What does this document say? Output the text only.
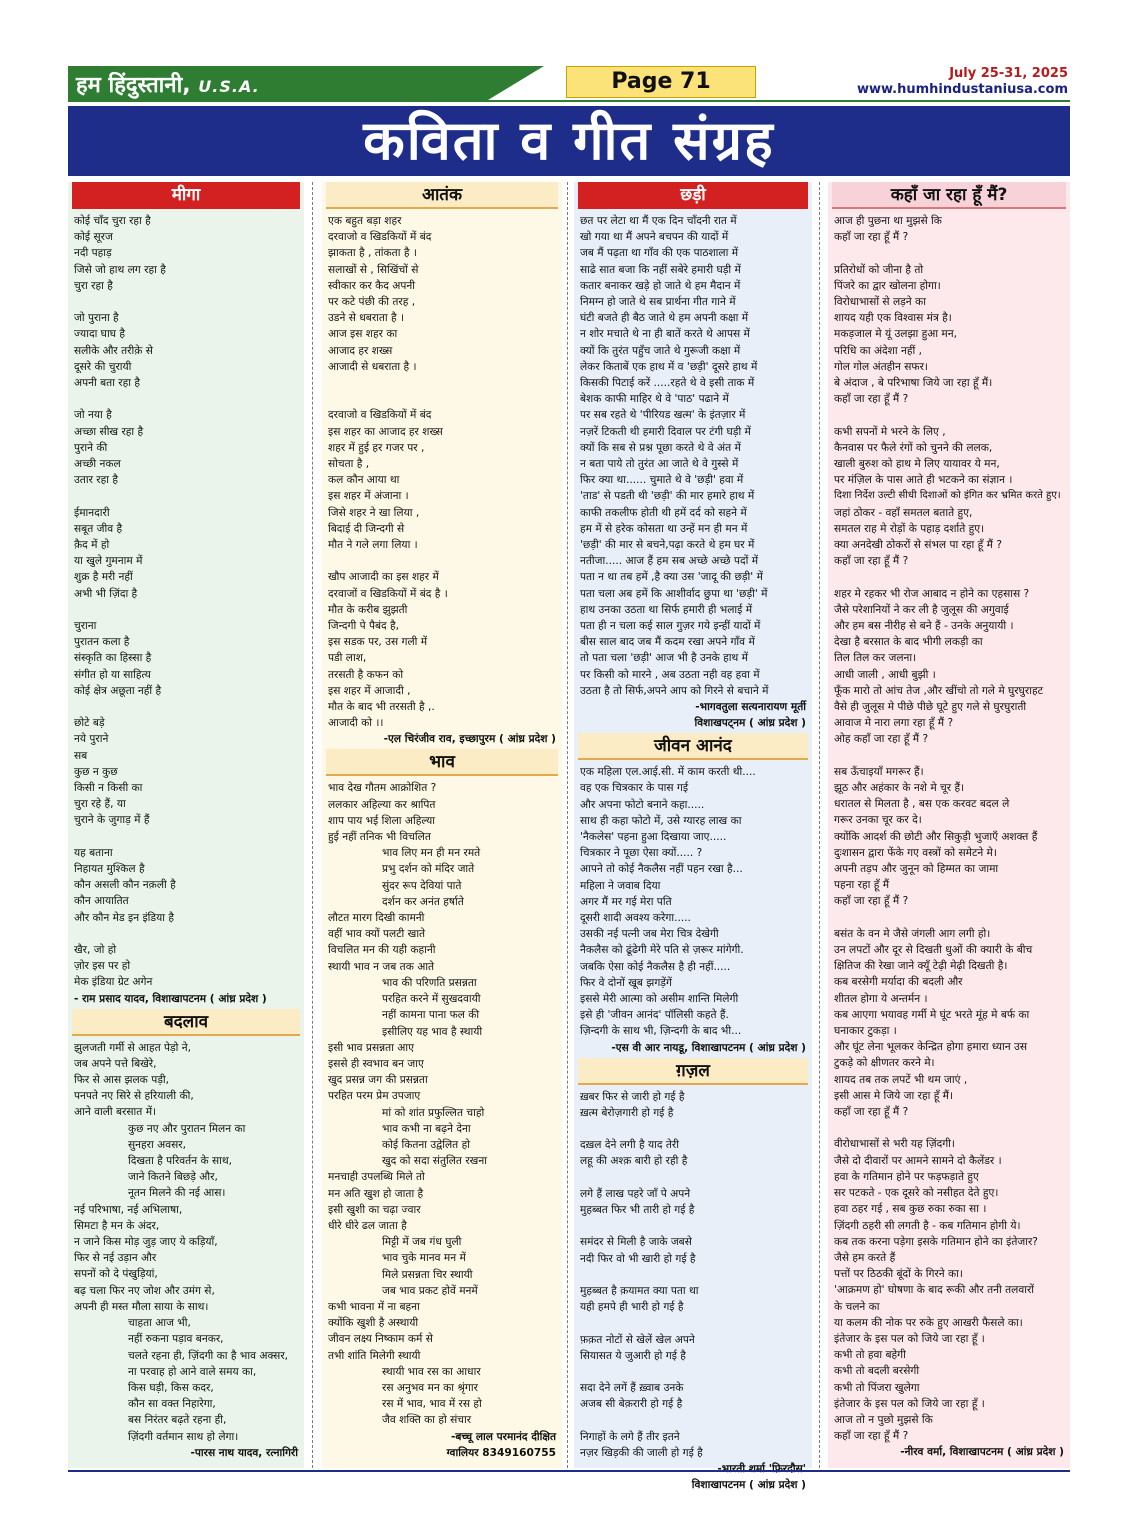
हम हिंदुस्तानी, U.S.A.	Page 71	July 25-31, 2025
www.humhindustaniusa.com
कविता व गीत संग्रह
मीगा
कोई चाँद चुरा रहा है
कोई सूरज
नदी पहाड़
जिसे जो हाथ लग रहा है
चुरा रहा है
जो पुराना है
ज्यादा घाघ है
सलीके और तरीक़े से
दूसरे की चुरायी
अपनी बता रहा है
जो नया है
अच्छा सीख रहा है
पुराने की
अच्छी नकल
उतार रहा है
ईमानदारी
सबूत जीव है
क़ैद में हो
या खुले गुमनाम में
शुक्र है मरी नहीं
अभी भी ज़िंदा है
चुराना
पुरातन कला है
संस्कृति का हिस्सा है
संगीत हो या साहित्य
कोई क्षेत्र अछूता नहीं है
छोटे बड़े
नये पुराने
सब
कुछ न कुछ
किसी न किसी का
चुरा रहे हैं, या
चुराने के जुगाड़ में हैं
यह बताना
निहायत मुश्किल है
कौन असली कौन नक़ली है
कौन आयातित
और कौन मेड इन इंडिया है
खैर, जो हो
ज़ोर इस पर हो
मेक इंडिया ग्रेट अगेन
- राम प्रसाद यादव, विशाखापटनम ( आंध्र प्रदेश )
बदलाव
झुलजती गर्मी से आहत पेड़ो ने,
जब अपने पत्ते बिखेरे,
फिर से आस झलक पड़ी,
पनपते नए सिरे से हरियाली की,
आने वाली बरसात में।
कुछ नए और पुरातन मिलन का
सुनहरा अवसर,
दिखता है परिवर्तन के साथ,
जाने कितने बिछड़े और,
नूतन मिलने की नई आस।
नई परिभाषा, नई अभिलाषा,
सिमटा है मन के अंदर,
न जाने किस मोड़ जुड़ जाए ये कड़ियाँ,
फिर से नई उड़ान और
सपनों को दे पंखुड़ियां,
बढ़ चला फिर नए जोश और उमंग से,
अपनी ही मस्त मौला साया के साथ।
चाहता आज भी,
नहीं रुकना पड़ाव बनकर,
चलते रहना ही, ज़िंदगी का है भाव अक्सर,
ना परवाह हो आने वाले समय का,
किस घड़ी, किस कदर,
कौन सा वक्त निहारेगा,
बस निरंतर बढ़ते रहना ही,
ज़िंदगी वर्तमान साथ हो लेगा।
-पारस नाथ यादव, रत्नागिरी
आतंक
एक बहुत बड़ा शहर
दरवाजो व खिडकियों में बंद
झाकता है , तांकता है ।
सलाखों से , सिखिंचों से
स्वीकार कर कैद अपनी
पर कटे पंछी की तरह ,
उडने से धबराता है ।
आज इस शहर का
आजाद हर शख्स
आजादी से धबराता है ।
दरवाजो व खिडकियों में बंद
इस शहर का आजाद हर शख्स
शहर में हुई हर गजर पर ,
सोचता है ,
कल कौन आया था
इस शहर में अंजाना ।
जिसे शहर ने खा लिया ,
बिदाई दी जिन्दगी से
मौत ने गले लगा लिया ।
खौप आजादी का इस शहर में
दरवाजों व खिडकियों में बंद है ।
मौत के करीब झुझती
जिन्दगी पे पैबंद है,
इस सडक पर, उस गली में
पडी लाश,
तरसती है कफन को
इस शहर में आजादी ,
मौत के बाद भी तरसती है ,.
आजादी को ।।
-एल चिरंजीव राव, इच्छापुरम ( आंध्र प्रदेश )
भाव
भाव देख गौतम आक्रोशित ?
ललकार अहिल्या कर श्रापित
शाप पाय भई शिला अहिल्या
हुई नहीं तनिक भी विचलित
भाव लिए मन ही मन रमते
प्रभु दर्शन को मंदिर जाते
सुंदर रूप देवियां पाते
दर्शन कर अनंत हर्षाते
लौटत मारग दिखी कामनी
वहीं भाव क्यों पलटी खाते
विचलित मन की यही कहानी
स्थायी भाव न जब तक आते
भाव की परिणति प्रसन्नता
परहित करने में सुखदवायी
नहीं कामना पाना फल की
इसीलिए यह भाव है स्थायी
इसी भाव प्रसन्नता आए
इससे ही स्वभाव बन जाए
खुद प्रसन्न जग की प्रसन्नता
परहित परम प्रेम उपजाए
मां को शांत प्रफुल्लित चाहो
भाव कभी ना बढ़ने देना
कोई कितना उद्वेलित हो
खुद को सदा संतुलित रखना
मनचाही उपलब्धि मिले तो
मन अति खुश हो जाता है
इसी खुशी का चढ़ा ज्वार
धीरे धीरे ढल जाता है
मिट्टी में जब गंध घुली
भाव चुके मानव मन में
मिले प्रसन्नता चिर स्थायी
जब भाव प्रकट होवें मनमें
कभी भावना में ना बहना
क्योंकि खुशी है अस्थायी
जीवन लक्ष्य निष्काम कर्म से
तभी शांति मिलेगी स्थायी
स्थायी भाव रस का आधार
रस अनुभव मन का श्रृंगार
रस में भाव, भाव में रस हो
जैव शक्ति का हो संचार
-बच्चू लाल परमानंद दीक्षित
ग्वालियर 8349160755
छड़ी
छत पर लेटा था मैं एक दिन चाँदनी रात में
खो गया था मैं अपने बचपन की यादों में
जब मैं पढ़ता था गाँव की एक पाठशाला में
साढे सात बजा कि नहीं सबेरे हमारी घड़ी में
कतार बनाकर खड़े हो जाते थे हम मैदान में
निमग्न हो जाते थे सब प्रार्थना गीत गाने में
घंटी बजते ही बैठ जाते थे हम अपनी कक्षा में
न शोर मचाते थे ना ही बातें करते थे आपस में
क्यों कि तुरंत पहुँच जाते थे गुरूजी कक्षा में
लेकर किताबें एक हाथ में व 'छड़ी' दूसरे हाथ में
किसकी पिटाई करें .....रहते थे वे इसी ताक में
बेशक काफी माहिर थे वे 'पाठ' पढाने में
पर सब रहते थे 'पीरियड खत्म' के इंतज़ार में
नज़रें टिकती थी हमारी दिवाल पर टंगी घड़ी में
क्यों कि सब से प्रश्न पूछा करते थे वे अंत में
न बता पाये तो तुरंत आ जाते थे वे गुस्से में
फिर क्या था...... चुमाते थे वे 'छड़ी' हवा में
'ताड' से पडती थी 'छड़ी' की मार हमारे हाथ में
काफी तकलीफ होती थी हमें दर्द को सहने में
हम में से हरेक कोसता था उन्हें मन ही मन में
'छड़ी' की मार से बचने,पढ़ा करते थे हम घर में
नतीजा..... आज हैं हम सब अच्छे अच्छे पदों में
पता न था तब हमें ,है क्या उस 'जादू की छड़ी' में
पता चला अब हमें कि आशीर्वाद छुपा था 'छड़ी' में
हाथ उनका उठता था सिर्फ हमारी ही भलाई में
पता ही न चला कई साल गुज़र गये इन्हीं यादों में
बीस साल बाद जब मैं कदम रखा अपने गाँव में
तो पता चला 'छड़ी' आज भी है उनके हाथ में
पर किसी को मारने , अब उठता नही वह हवा में
उठता है तो सिर्फ,अपने आप को गिरने से बचाने में
-भागवतुला सत्यनारायण मूर्ती
विशाखपट्नम ( आंध्र प्रदेश )
जीवन आनंद
एक महिला एल.आई.सी. में काम करती थी....
वह एक चित्रकार के पास गई
और अपना फोटो बनाने कहा.....
साथ ही कहा फोटो में, उसे ग्यारह लाख का
'नैकलेस' पहना हुआ दिखाया जाए.....
चित्रकार ने पूछा ऐसा क्यों..... ?
आपने तो कोई नैकलैस नहीं पहन रखा है...
महिला ने जवाब दिया
अगर मैं मर गई मेरा पति
दूसरी शादी अवश्य करेगा.....
उसकी नई पत्नी जब मेरा चित्र देखेगी
नैकलैस को ढूंढेगी मेरे पति से ज़रूर मांगेगी.
जबकि ऐसा कोई नैकलैस है ही नहीं.....
फिर वे दोनों खूब झगड़ेंगें
इससे मेरी आत्मा को असीम शान्ति मिलेगी
इसे ही 'जीवन आनंद' पॉलिसी कहते हैं.
ज़िन्दगी के साथ भी, ज़िन्दगी के बाद भी...
-एस वी आर नायडू, विशाखापटनम ( आंध्र प्रदेश )
ग़ज़ल
ख़बर फिर से जारी हो गई है
ख़त्म बेरोज़गारी हो गई है
दख़ल देने लगी है याद तेरी
लहू की अश्क़ बारी हो रही है
लगे हैं लाख पहरे जाँ पे अपने
मुहब्बत फिर भी तारी हो गई है
समंदर से मिली है जाके जबसे
नदी फिर वो भी खारी हो गई है
मुहब्बत है क़यामत क्या पता था
यही हमपे ही भारी हो गई है
फ़क़त नोटों से खेलें खेल अपने
सियासत ये जुआरी हो गई है
सदा देने लगें हैं ख़्वाब उनके
अजब सी बेक़रारी हो गई है
निगाहों के लगे हैं तीर इतने
नज़र खिड़की की जाली हो गई है
विशाखापटनम ( आंध्र प्रदेश )
कहाँ जा रहा हूँ मैं?
आज ही पुछना था मुझसे कि
कहाँ जा रहा हूँ मैं ?
प्रतिरोधों को जीना है तो
पिंजरे का द्वार खोलना होगा।
विरोधाभासों से लड़ने का
शायद यही एक विश्वास मंत्र है।
मकड़जाल मे यूं उलझा हुआ मन,
परिधि का अंदेशा नहीं ,
गोल गोल अंतहीन सफर।
बे अंदाज , बे परिभाषा जिये जा रहा हूँ मैं।
कहाँ जा रहा हूँ मैं ?
कभी सपनों मे भरने के लिए ,
कैनवास पर फैले रंगों को चुनने की ललक,
खाली बुरुश को हाथ मे लिए यायावर ये मन,
पर मंज़िल के पास आते ही भटकने का संज्ञान ।
दिशा निर्देश उल्टी सीधी दिशाओं को इंगित कर भ्रमित करते हुए।
जहां ठोकर - वहाँ समतल बताते हुए,
समतल राह मे रोड़ों के पहाड़ दर्शाते हुए।
क्या अनदेखी ठोकरों से संभल पा रहा हूँ मैं ?
कहाँ जा रहा हूँ मैं ?
शहर मे रहकर भी रोज आबाद न होने का एहसास ?
जैसे परेशानियों ने कर ली है जुलूस की अगुवाई
और हम बस नीरीह से बने हैं - उनके अनुयायी ।
देखा है बरसात के बाद भीगी लकड़ी का
तिल तिल कर जलना।
आधी जाली , आधी बुझी ।
फूँक मारो तो आंच तेज ,और खींचो तो गले मे घुरघुराहट
वैसे ही जुलूस मे पीछे पीछे घूटे हुए गले से घुरघुराती
आवाज मे नारा लगा रहा हूँ मैं ?
ओह कहाँ जा रहा हूँ मैं ?
सब ऊँचाइयाँ मगरूर हैं।
झूठ और अहंकार के नशे मे चूर हैं।
धरातल से मिलता है , बस एक करवट बदल ले
गरूर उनका चूर कर दे।
क्योंकि आदर्श की छोटी और सिकुड़ी भुजाएँ अशक्त हैं
दुःशासन द्वारा फेंके गए वस्त्रों को समेटने मे।
अपनी तड़प और जुनून को हिम्मत का जामा
पहना रहा हूँ मैं
कहाँ जा रहा हूँ मैं ?
बसंत के वन मे जैसे जंगली आग लगी हो।
उन लपटों और दूर से दिखती धुओं की क्यारी के बीच
क्षितिज की रेखा जाने क्यूँ टेढ़ी मेढ़ी दिखती है।
कब बरसेगी मर्यादा की बदली और
शीतल होगा ये अन्तर्मन ।
कब आएगा भयावह गर्मी मे घूंट भरते मूंह मे बर्फ का
घनाकार टुकड़ा ।
और घूंट लेना भूलकर केन्द्रित होगा हमारा ध्यान उस
टुकड़े को क्षीणतर करने मे।
शायद तब तक लपटें भी थम जाएं ,
इसी आस मे जिये जा रहा हूँ मैं।
कहाँ जा रहा हूँ मैं ?
वीरोधाभासों से भरी यह ज़िंदगी।
जैसे दो दीवारों पर आमने सामने दो कैलेंडर ।
हवा के गतिमान होने पर फड़फड़ाते हुए
सर पटकते - एक दूसरे को नसीहत देते हुए।
हवा ठहर गई , सब कुछ रुका रुका सा ।
ज़िंदगी ठहरी सी लगती है - कब गतिमान होगी ये।
कब तक करना पड़ेगा इसके गतिमान होने का इंतेजार?
जैसे हम करते हैं
पत्तों पर ठिठकी बूंदों के गिरने का।
'आक्रमण हो' घोषणा के बाद रूकी और तनी तलवारों
के चलने का
या कलम की नोक पर रुके हुए आखरी फैसले का।
इंतेजार के इस पल को जिये जा रहा हूँ ।
कभी तो हवा बहेगी
कभी तो बदली बरसेगी
कभी तो पिंजरा खुलेगा
इंतेजार के इस पल को जिये जा रहा हूँ ।
आज तो न पुछो मुझसे कि
कहाँ जा रहा हूँ मैं ?
-नीरव वर्मा, विशाखापटनम ( आंध्र प्रदेश )
